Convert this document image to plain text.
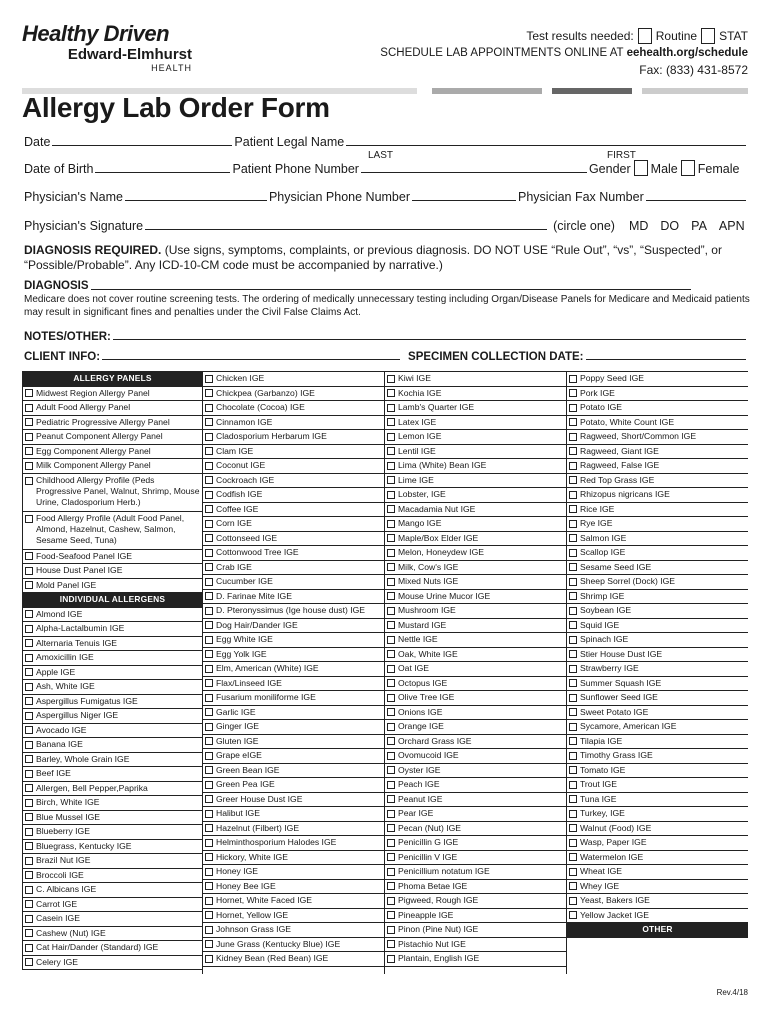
Healthy Driven
Edward-Elmhurst
HEALTH
Test results needed: Routine STAT
SCHEDULE LAB APPOINTMENTS ONLINE AT eehealth.org/schedule
Fax: (833) 431-8572
Allergy Lab Order Form
Date	Patient Legal Name
LAST	FIRST
Date of Birth	Patient Phone Number	Gender Male Female
Physician's Name	Physician Phone Number	Physician Fax Number
Physician's Signature	(circle one) MD DO PA APN
DIAGNOSIS REQUIRED. (Use signs, symptoms, complaints, or previous diagnosis. DO NOT USE “Rule Out”, “vs”, “Suspected”, or “Possible/Probable”. Any ICD-10-CM code must be accompanied by narrative.)
DIAGNOSIS
Medicare does not cover routine screening tests. The ordering of medically unnecessary testing including Organ/Disease Panels for Medicare and Medicaid patients may result in significant fines and penalties under the Civil False Claims Act.
NOTES/OTHER:
CLIENT INFO:	SPECIMEN COLLECTION DATE:
ALLERGY PANELS
Midwest Region Allergy Panel
Adult Food Allergy Panel
Pediatric Progressive Allergy Panel
Peanut Component Allergy Panel
Egg Component Allergy Panel
Milk Component Allergy Panel
Childhood Allergy Profile (Peds Progressive Panel, Walnut, Shrimp, Mouse Urine, Cladosporium Herb.)
Food Allergy Profile (Adult Food Panel, Almond, Hazelnut, Cashew, Salmon, Sesame Seed, Tuna)
Food-Seafood Panel IGE
House Dust Panel IGE
Mold Panel IGE
INDIVIDUAL ALLERGENS
Almond IGE
Alpha-Lactalbumin IGE
Alternaria Tenuis IGE
Amoxicillin IGE
Apple IGE
Ash, White IGE
Aspergillus Fumigatus IGE
Aspergillus Niger IGE
Avocado IGE
Banana IGE
Barley, Whole Grain IGE
Beef IGE
Allergen, Bell Pepper,Paprika
Birch, White IGE
Blue Mussel IGE
Blueberry IGE
Bluegrass, Kentucky IGE
Brazil Nut IGE
Broccoli IGE
C. Albicans IGE
Carrot IGE
Casein IGE
Cashew (Nut) IGE
Cat Hair/Dander (Standard) IGE
Celery IGE
Chicken IGE
Chickpea (Garbanzo) IGE
Chocolate (Cocoa) IGE
Cinnamon IGE
Cladosporium Herbarum IGE
Clam IGE
Coconut IGE
Cockroach IGE
Codfish IGE
Coffee IGE
Corn IGE
Cottonseed IGE
Cottonwood Tree IGE
Crab IGE
Cucumber IGE
D. Farinae Mite IGE
D. Pteronyssimus (Ige house dust) IGE
Dog Hair/Dander IGE
Egg White IGE
Egg Yolk IGE
Elm, American (White) IGE
Flax/Linseed IGE
Fusarium moniliforme IGE
Garlic IGE
Ginger IGE
Gluten IGE
Grape eIGE
Green Bean IGE
Green Pea IGE
Greer House Dust IGE
Halibut IGE
Hazelnut (Filbert) IGE
Helminthosporium Halodes IGE
Hickory, White IGE
Honey IGE
Honey Bee IGE
Hornet, White Faced IGE
Hornet, Yellow IGE
Johnson Grass IGE
June Grass (Kentucky Blue) IGE
Kidney Bean (Red Bean) IGE
Kiwi IGE
Kochia IGE
Lamb's Quarter IGE
Latex IGE
Lemon IGE
Lentil IGE
Lima (White) Bean IGE
Lime IGE
Lobster, IGE
Macadamia Nut IGE
Mango IGE
Maple/Box Elder IGE
Melon, Honeydew IGE
Milk, Cow's IGE
Mixed Nuts IGE
Mouse Urine Mucor IGE
Mushroom IGE
Mustard IGE
Nettle IGE
Oak, White IGE
Oat IGE
Octopus IGE
Olive Tree IGE
Onions IGE
Orange IGE
Orchard Grass IGE
Ovomucoid IGE
Oyster IGE
Peach IGE
Peanut IGE
Pear IGE
Pecan (Nut) IGE
Penicillin G IGE
Penicillin V IGE
Penicillium notatum IGE
Phoma Betae IGE
Pigweed, Rough IGE
Pineapple IGE
Pinon (Pine Nut) IGE
Pistachio Nut IGE
Plantain, English IGE
Poppy Seed IGE
Pork IGE
Potato IGE
Potato, White Count IGE
Ragweed, Short/Common IGE
Ragweed, Giant IGE
Ragweed, False IGE
Red Top Grass IGE
Rhizopus nigricans IGE
Rice IGE
Rye IGE
Salmon IGE
Scallop IGE
Sesame Seed IGE
Sheep Sorrel (Dock) IGE
Shrimp IGE
Soybean IGE
Squid IGE
Spinach IGE
Stier House Dust IGE
Strawberry IGE
Summer Squash IGE
Sunflower Seed IGE
Sweet Potato IGE
Sycamore, American IGE
Tilapia IGE
Timothy Grass IGE
Tomato IGE
Trout IGE
Tuna IGE
Turkey, IGE
Walnut (Food) IGE
Wasp, Paper IGE
Watermelon IGE
Wheat IGE
Whey IGE
Yeast, Bakers IGE
Yellow Jacket IGE
OTHER
Rev.4/18
